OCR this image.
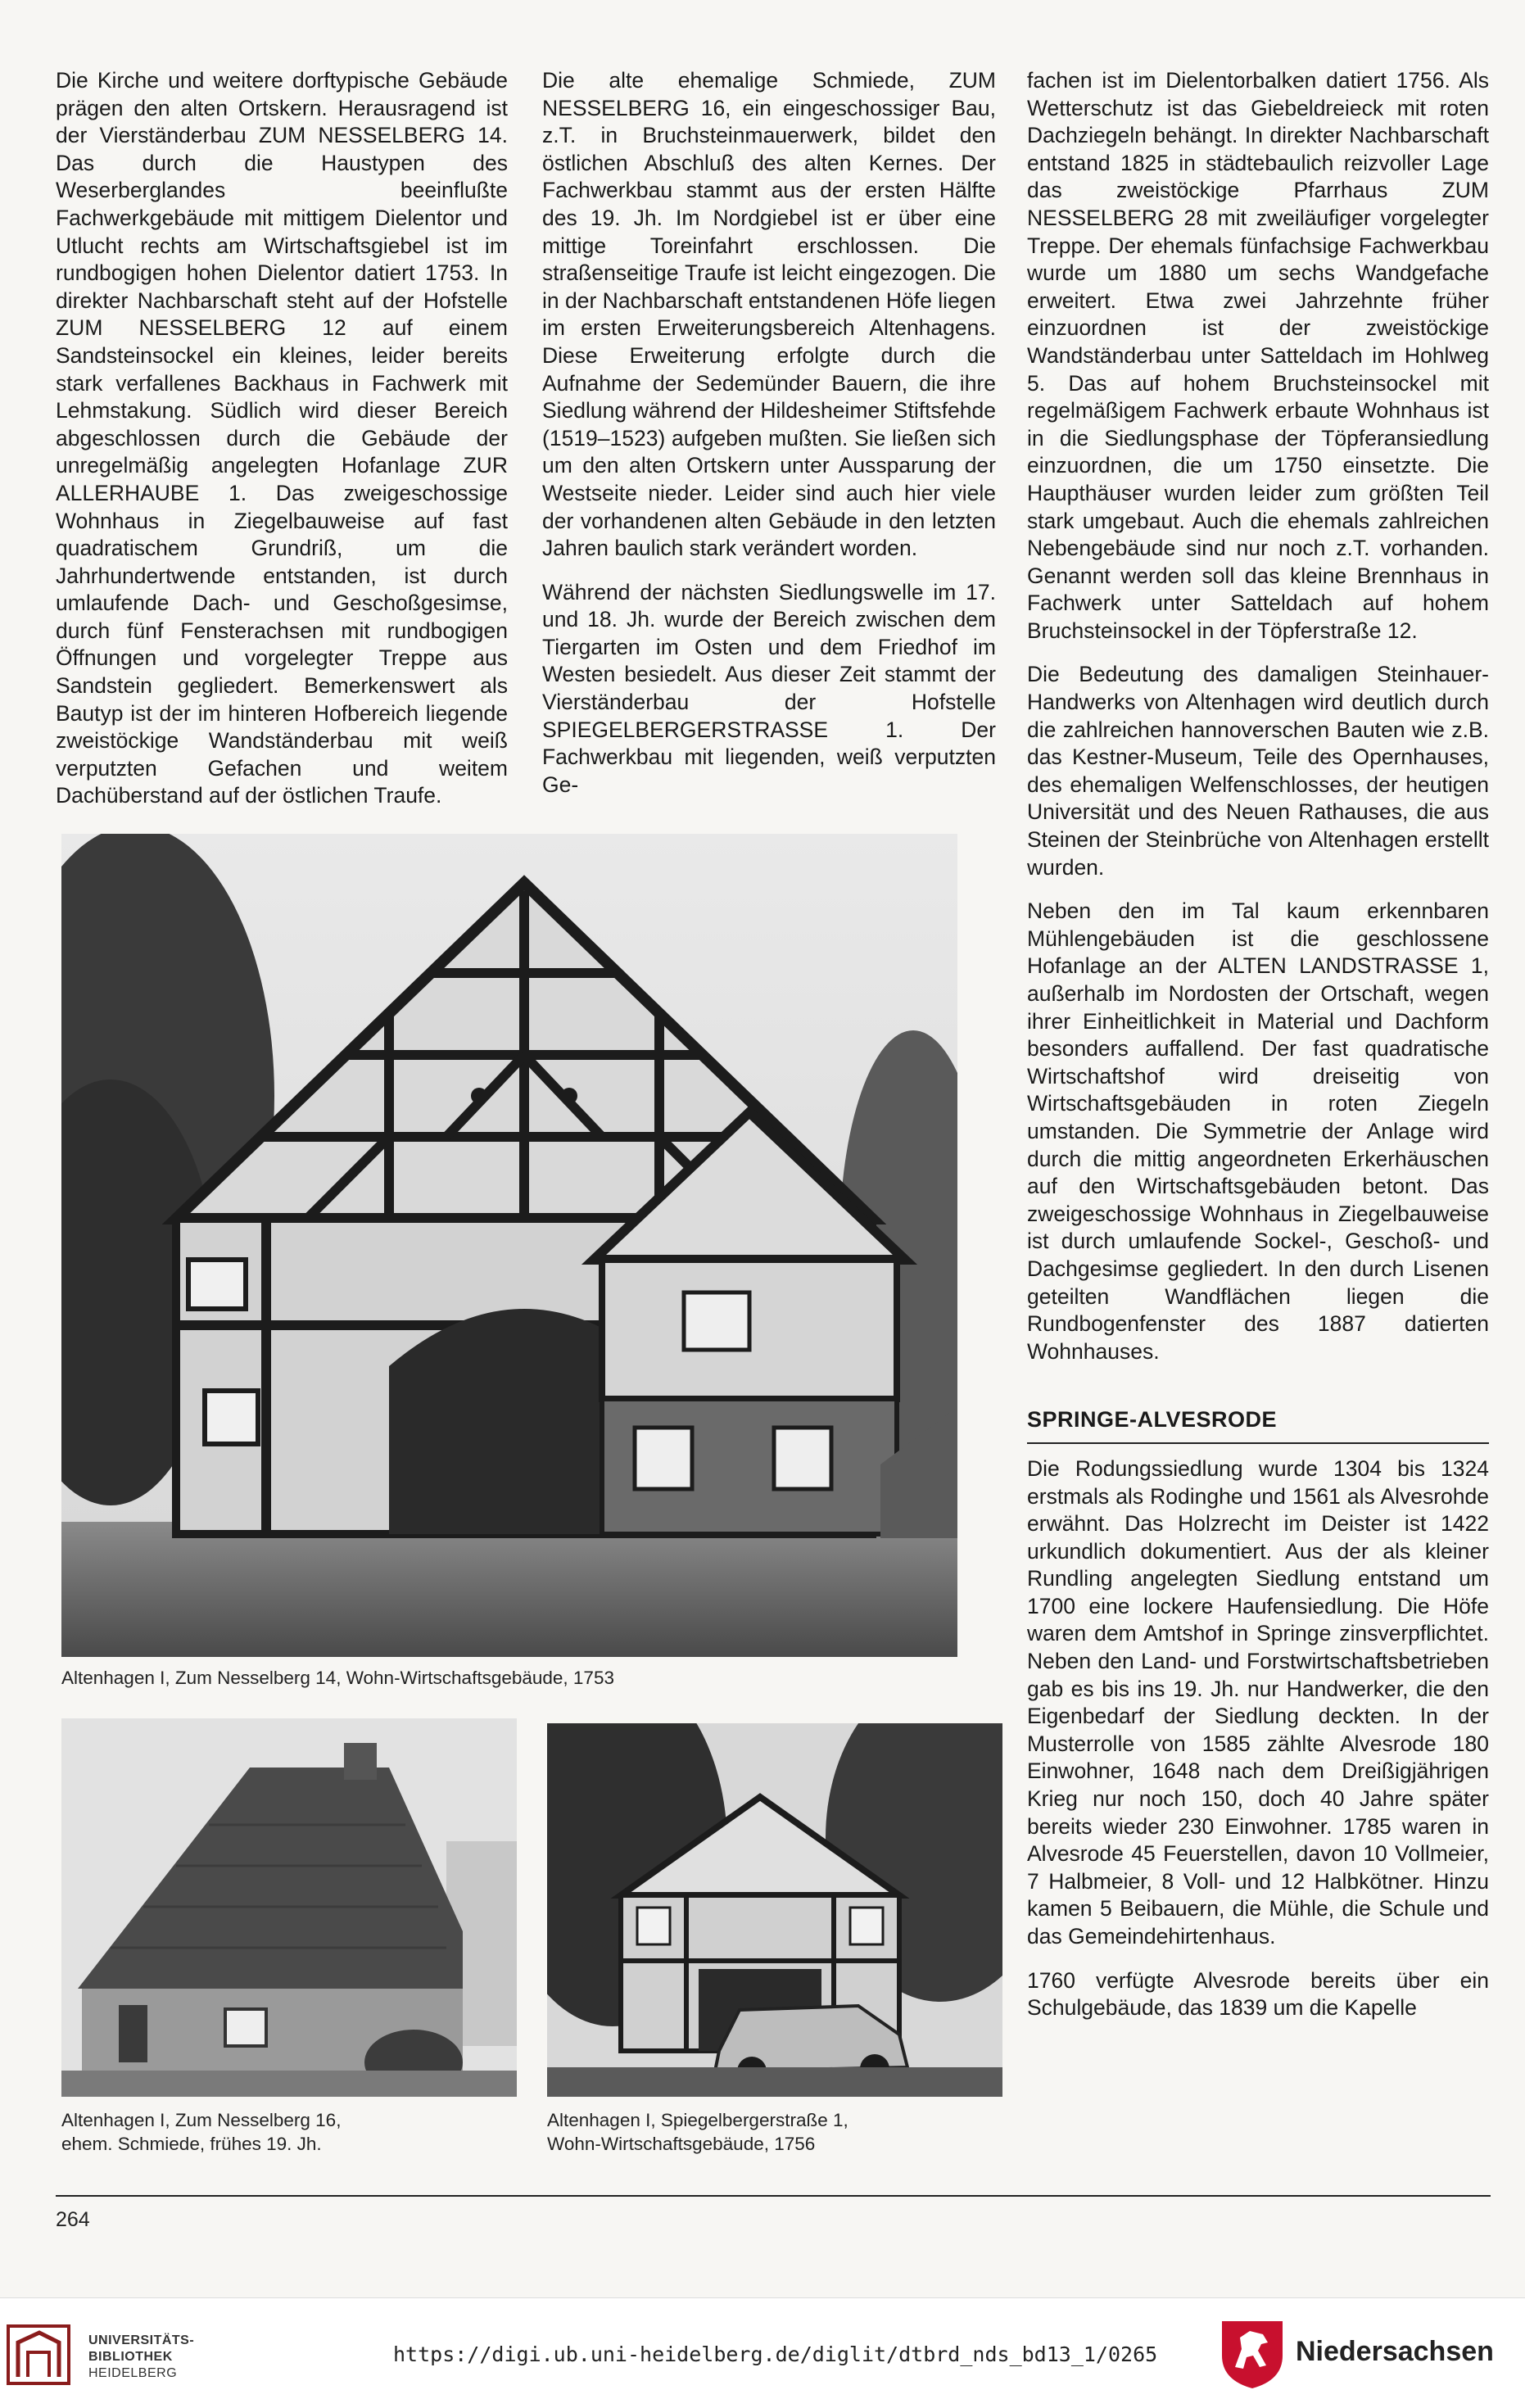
Die Kirche und weitere dorftypische Gebäude prägen den alten Ortskern. Herausragend ist der Vierständerbau ZUM NESSELBERG 14. Das durch die Haustypen des Weserberglandes beeinflußte Fachwerkgebäude mit mittigem Dielentor und Utlucht rechts am Wirtschaftsgiebel ist im rundbogigen hohen Dielentor datiert 1753. In direkter Nachbarschaft steht auf der Hofstelle ZUM NESSELBERG 12 auf einem Sandsteinsockel ein kleines, leider bereits stark verfallenes Backhaus in Fachwerk mit Lehmstakung. Südlich wird dieser Bereich abgeschlossen durch die Gebäude der unregelmäßig angelegten Hofanlage ZUR ALLERHAUBE 1. Das zweigeschossige Wohnhaus in Ziegelbauweise auf fast quadratischem Grundriß, um die Jahrhundertwende entstanden, ist durch umlaufende Dach- und Geschoßgesimse, durch fünf Fensterachsen mit rundbogigen Öffnungen und vorgelegter Treppe aus Sandstein gegliedert. Bemerkenswert als Bautyp ist der im hinteren Hofbereich liegende zweistöckige Wandständerbau mit weiß verputzten Gefachen und weitem Dachüberstand auf der östlichen Traufe.

Die alte ehemalige Schmiede, ZUM NESSELBERG 16, ein eingeschossiger Bau, z.T. in Bruchsteinmauerwerk, bildet den östlichen Abschluß des alten Kernes. Der Fachwerkbau stammt aus der ersten Hälfte des 19. Jh. Im Nordgiebel ist er über eine mittige Toreinfahrt erschlossen. Die straßenseitige Traufe ist leicht eingezogen. Die in der Nachbarschaft entstandenen Höfe liegen im ersten Erweiterungsbereich Altenhagens. Diese Erweiterung erfolgte durch die Aufnahme der Sedemünder Bauern, die ihre Siedlung während der Hildesheimer Stiftsfehde (1519–1523) aufgeben mußten. Sie ließen sich um den alten Ortskern unter Aussparung der Westseite nieder. Leider sind auch hier viele der vorhandenen alten Gebäude in den letzten Jahren baulich stark verändert worden.

Während der nächsten Siedlungswelle im 17. und 18. Jh. wurde der Bereich zwischen dem Tiergarten im Osten und dem Friedhof im Westen besiedelt. Aus dieser Zeit stammt der Vierständerbau der Hofstelle SPIEGELBERGERSTRASSE 1. Der Fachwerkbau mit liegenden, weiß verputzten Ge-

fachen ist im Dielentorbalken datiert 1756. Als Wetterschutz ist das Giebeldreieck mit roten Dachziegeln behängt. In direkter Nachbarschaft entstand 1825 in städtebaulich reizvoller Lage das zweistöckige Pfarrhaus ZUM NESSELBERG 28 mit zweiläufiger vorgelegter Treppe. Der ehemals fünfachsige Fachwerkbau wurde um 1880 um sechs Wandgefache erweitert. Etwa zwei Jahrzehnte früher einzuordnen ist der zweistöckige Wandständerbau unter Satteldach im Hohlweg 5. Das auf hohem Bruchsteinsockel mit regelmäßigem Fachwerk erbaute Wohnhaus ist in die Siedlungsphase der Töpferansiedlung einzuordnen, die um 1750 einsetzte. Die Haupthäuser wurden leider zum größten Teil stark umgebaut. Auch die ehemals zahlreichen Nebengebäude sind nur noch z.T. vorhanden. Genannt werden soll das kleine Brennhaus in Fachwerk unter Satteldach auf hohem Bruchsteinsockel in der Töpferstraße 12.

Die Bedeutung des damaligen Steinhauer-Handwerks von Altenhagen wird deutlich durch die zahlreichen hannoverschen Bauten wie z.B. das Kestner-Museum, Teile des Opernhauses, des ehemaligen Welfenschlosses, der heutigen Universität und des Neuen Rathauses, die aus Steinen der Steinbrüche von Altenhagen erstellt wurden.

Neben den im Tal kaum erkennbaren Mühlengebäuden ist die geschlossene Hofanlage an der ALTEN LANDSTRASSE 1, außerhalb im Nordosten der Ortschaft, wegen ihrer Einheitlichkeit in Material und Dachform besonders auffallend. Der fast quadratische Wirtschaftshof wird dreiseitig von Wirtschaftsgebäuden in roten Ziegeln umstanden. Die Symmetrie der Anlage wird durch die mittig angeordneten Erkerhäuschen auf den Wirtschaftsgebäuden betont. Das zweigeschossige Wohnhaus in Ziegelbauweise ist durch umlaufende Sockel-, Geschoß- und Dachgesimse gegliedert. In den durch Lisenen geteilten Wandflächen liegen die Rundbogenfenster des 1887 datierten Wohnhauses.

SPRINGE-ALVESRODE

Die Rodungssiedlung wurde 1304 bis 1324 erstmals als Rodinghe und 1561 als Alvesrohde erwähnt. Das Holzrecht im Deister ist 1422 urkundlich dokumentiert. Aus der als kleiner Rundling angelegten Siedlung entstand um 1700 eine lockere Haufensiedlung. Die Höfe waren dem Amtshof in Springe zinsverpflichtet. Neben den Land- und Forstwirtschaftsbetrieben gab es bis ins 19. Jh. nur Handwerker, die den Eigenbedarf der Siedlung deckten. In der Musterrolle von 1585 zählte Alvesrode 180 Einwohner, 1648 nach dem Dreißigjährigen Krieg nur noch 150, doch 40 Jahre später bereits wieder 230 Einwohner. 1785 waren in Alvesrode 45 Feuerstellen, davon 10 Vollmeier, 7 Halbmeier, 8 Voll- und 12 Halbkötner. Hinzu kamen 5 Beibauern, die Mühle, die Schule und das Gemeindehirtenhaus.

1760 verfügte Alvesrode bereits über ein Schulgebäude, das 1839 um die Kapelle

Altenhagen I, Zum Nesselberg 14, Wohn-Wirtschaftsgebäude, 1753
Altenhagen I, Zum Nesselberg 16,
ehem. Schmiede, frühes 19. Jh.
Altenhagen I, Spiegelbergerstraße 1,
Wohn-Wirtschaftsgebäude, 1756
264
UNIVERSITÄTS-
BIBLIOTHEK
HEIDELBERG
https://digi.ub.uni-heidelberg.de/diglit/dtbrd_nds_bd13_1/0265	Niedersachsen
